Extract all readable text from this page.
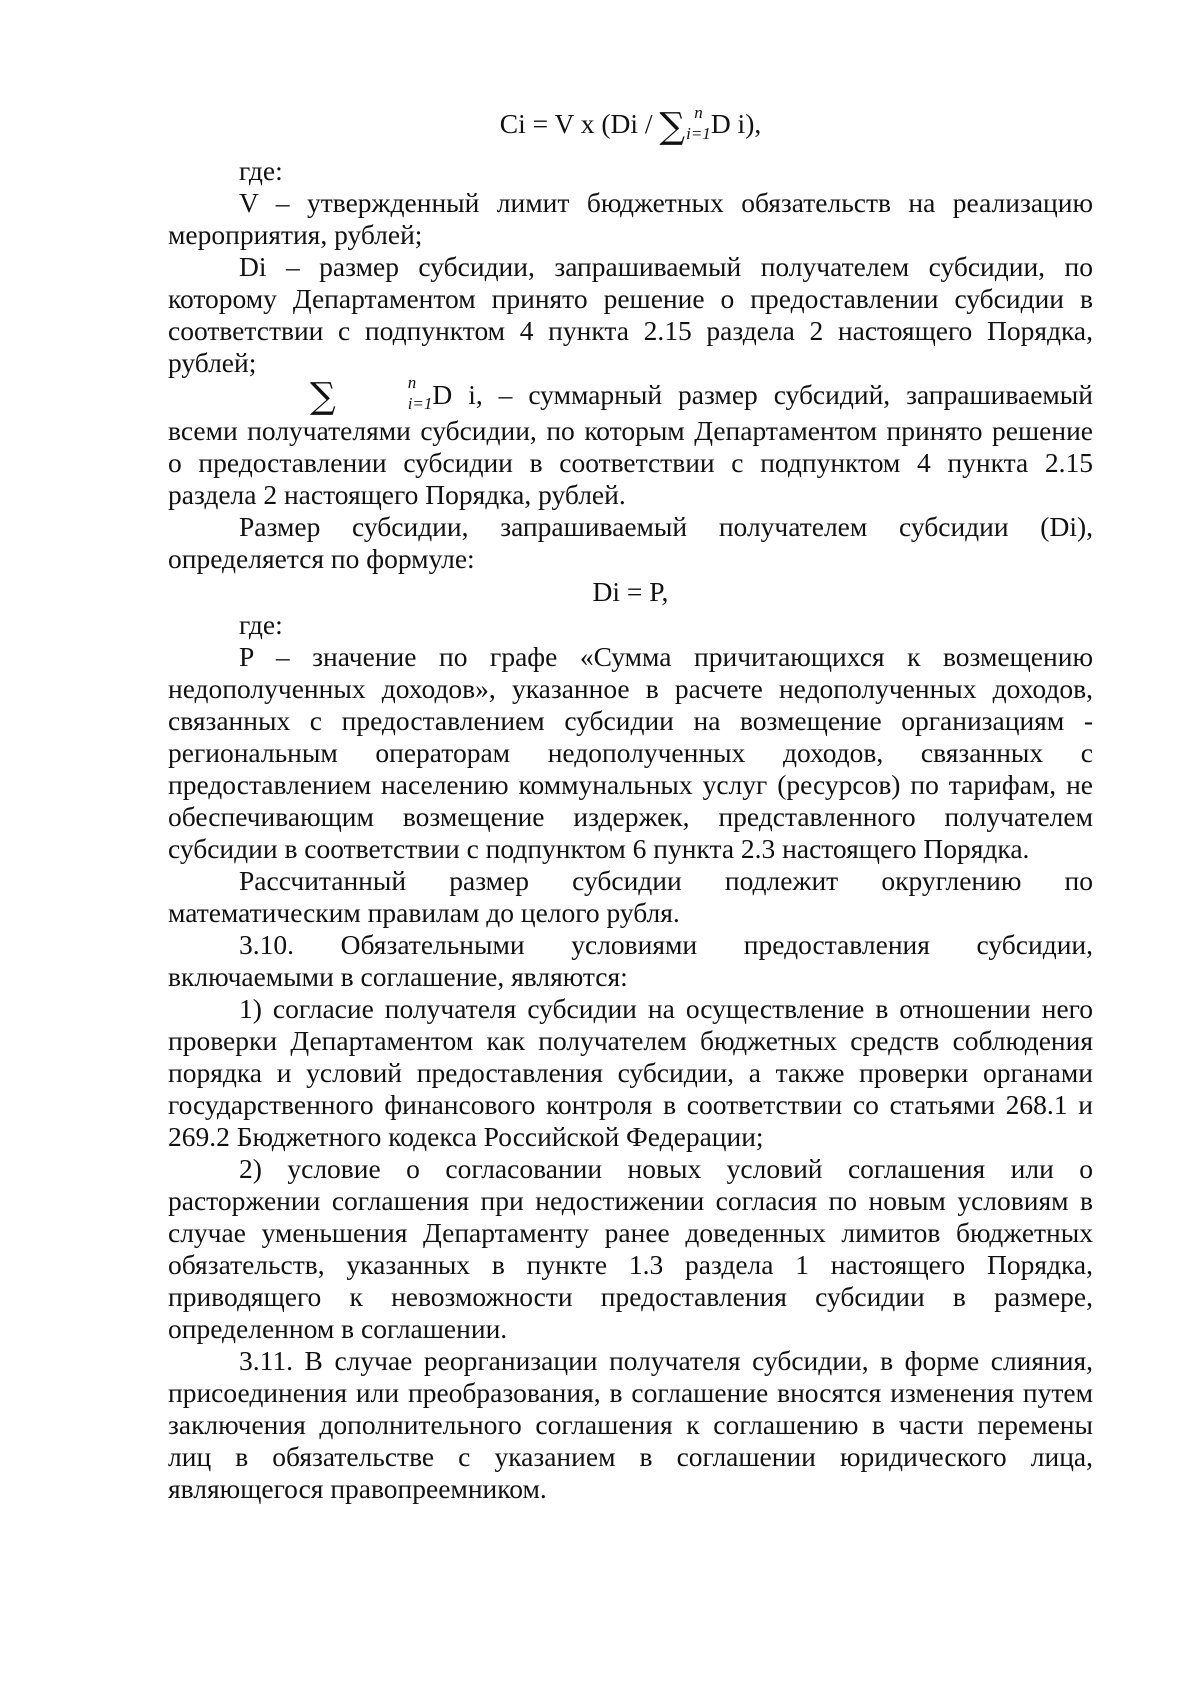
Ci = V x (Di / ∑ n
i=1 D i),

где:

V – утвержденный лимит бюджетных обязательств на реализацию мероприятия, рублей;

Di – размер субсидии, запрашиваемый получателем субсидии, по которому Департаментом принято решение о предоставлении субсидии в соответствии с подпунктом 4 пункта 2.15 раздела 2 настоящего Порядка, рублей;

∑	n
i=1 D i, – суммарный размер субсидий, запрашиваемый всеми получателями субсидии, по которым Департаментом принято решение о предоставлении субсидии в соответствии с подпунктом 4 пункта 2.15 раздела 2 настоящего Порядка, рублей.

Размер субсидии, запрашиваемый получателем субсидии (Di), определяется по формуле:

Di = P,

где:

P – значение по графе «Сумма причитающихся к возмещению недополученных доходов», указанное в расчете недополученных доходов, связанных с предоставлением субсидии на возмещение организациям - региональным операторам недополученных доходов, связанных с предоставлением населению коммунальных услуг (ресурсов) по тарифам, не обеспечивающим возмещение издержек, представленного получателем субсидии в соответствии с подпунктом 6 пункта 2.3 настоящего Порядка.

Рассчитанный размер субсидии подлежит округлению по математическим правилам до целого рубля.

3.10. Обязательными условиями предоставления субсидии, включаемыми в соглашение, являются:

1) согласие получателя субсидии на осуществление в отношении него проверки Департаментом как получателем бюджетных средств соблюдения порядка и условий предоставления субсидии, а также проверки органами государственного финансового контроля в соответствии со статьями 268.1 и 269.2 Бюджетного кодекса Российской Федерации;

2) условие о согласовании новых условий соглашения или о расторжении соглашения при недостижении согласия по новым условиям в случае уменьшения Департаменту ранее доведенных лимитов бюджетных обязательств, указанных в пункте 1.3 раздела 1 настоящего Порядка, приводящего к невозможности предоставления субсидии в размере, определенном в соглашении.

3.11. В случае реорганизации получателя субсидии, в форме слияния, присоединения или преобразования, в соглашение вносятся изменения путем заключения дополнительного соглашения к соглашению в части перемены лиц в обязательстве с указанием в соглашении юридического лица, являющегося правопреемником.
